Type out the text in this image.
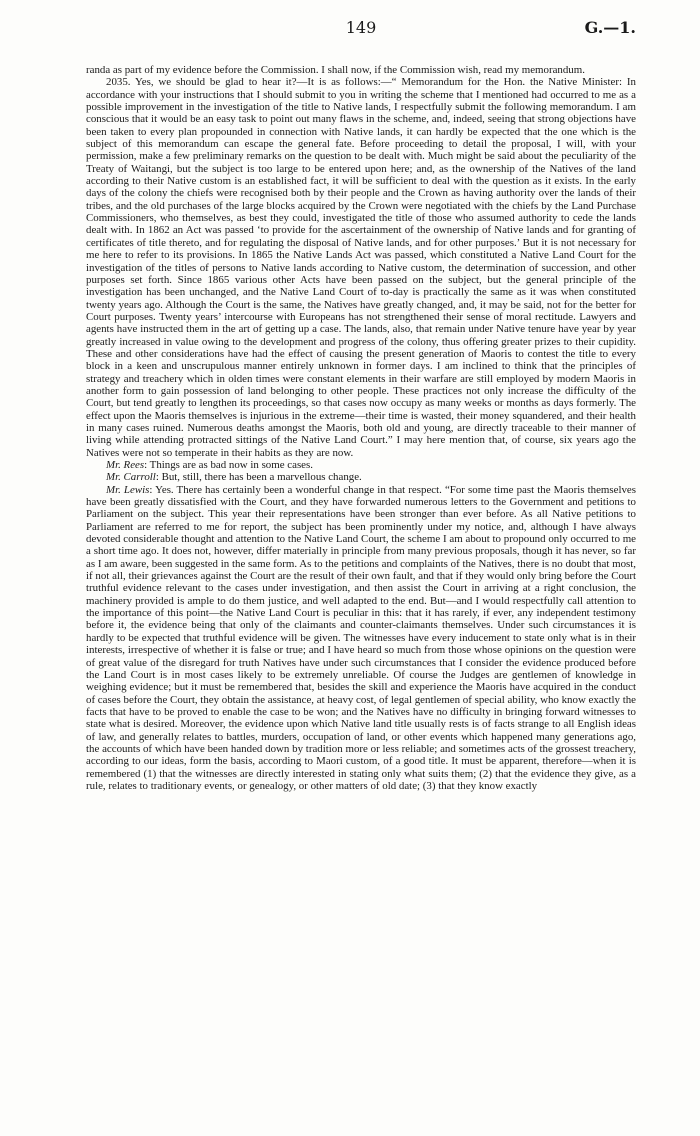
149	G.—1.

randa as part of my evidence before the Commission. I shall now, if the Commission wish, read my memorandum.

2035. Yes, we should be glad to hear it?—It is as follows:—“ Memorandum for the Hon. the Native Minister: In accordance with your instructions that I should submit to you in writing the scheme that I mentioned had occurred to me as a possible improvement in the investigation of the title to Native lands, I respectfully submit the following memorandum. I am conscious that it would be an easy task to point out many flaws in the scheme, and, indeed, seeing that strong objections have been taken to every plan propounded in connection with Native lands, it can hardly be expected that the one which is the subject of this memorandum can escape the general fate. Before proceeding to detail the proposal, I will, with your permission, make a few preliminary remarks on the question to be dealt with. Much might be said about the peculiarity of the Treaty of Waitangi, but the subject is too large to be entered upon here; and, as the ownership of the Natives of the land according to their Native custom is an established fact, it will be sufficient to deal with the question as it exists. In the early days of the colony the chiefs were recognised both by their people and the Crown as having authority over the lands of their tribes, and the old purchases of the large blocks acquired by the Crown were negotiated with the chiefs by the Land Purchase Commissioners, who themselves, as best they could, investigated the title of those who assumed authority to cede the lands dealt with. In 1862 an Act was passed ‘to provide for the ascertainment of the ownership of Native lands and for granting of certificates of title thereto, and for regulating the disposal of Native lands, and for other purposes.’ But it is not necessary for me here to refer to its provisions. In 1865 the Native Lands Act was passed, which constituted a Native Land Court for the investigation of the titles of persons to Native lands according to Native custom, the determination of succession, and other purposes set forth. Since 1865 various other Acts have been passed on the subject, but the general principle of the investigation has been unchanged, and the Native Land Court of to-day is practically the same as it was when constituted twenty years ago. Although the Court is the same, the Natives have greatly changed, and, it may be said, not for the better for Court purposes. Twenty years’ intercourse with Europeans has not strengthened their sense of moral rectitude. Lawyers and agents have instructed them in the art of getting up a case. The lands, also, that remain under Native tenure have year by year greatly increased in value owing to the development and progress of the colony, thus offering greater prizes to their cupidity. These and other considerations have had the effect of causing the present generation of Maoris to contest the title to every block in a keen and unscrupulous manner entirely unknown in former days. I am inclined to think that the principles of strategy and treachery which in olden times were constant elements in their warfare are still employed by modern Maoris in another form to gain possession of land belonging to other people. These practices not only increase the difficulty of the Court, but tend greatly to lengthen its proceedings, so that cases now occupy as many weeks or months as days formerly. The effect upon the Maoris themselves is injurious in the extreme—their time is wasted, their money squandered, and their health in many cases ruined. Numerous deaths amongst the Maoris, both old and young, are directly traceable to their manner of living while attending protracted sittings of the Native Land Court.” I may here mention that, of course, six years ago the Natives were not so temperate in their habits as they are now.

Mr. Rees: Things are as bad now in some cases.

Mr. Carroll: But, still, there has been a marvellous change.

Mr. Lewis: Yes. There has certainly been a wonderful change in that respect. “For some time past the Maoris themselves have been greatly dissatisfied with the Court, and they have forwarded numerous letters to the Government and petitions to Parliament on the subject. This year their representations have been stronger than ever before. As all Native petitions to Parliament are referred to me for report, the subject has been prominently under my notice, and, although I have always devoted considerable thought and attention to the Native Land Court, the scheme I am about to propound only occurred to me a short time ago. It does not, however, differ materially in principle from many previous proposals, though it has never, so far as I am aware, been suggested in the same form. As to the petitions and complaints of the Natives, there is no doubt that most, if not all, their grievances against the Court are the result of their own fault, and that if they would only bring before the Court truthful evidence relevant to the cases under investigation, and then assist the Court in arriving at a right conclusion, the machinery provided is ample to do them justice, and well adapted to the end. But—and I would respectfully call attention to the importance of this point—the Native Land Court is peculiar in this: that it has rarely, if ever, any independent testimony before it, the evidence being that only of the claimants and counter-claimants themselves. Under such circumstances it is hardly to be expected that truthful evidence will be given. The witnesses have every inducement to state only what is in their interests, irrespective of whether it is false or true; and I have heard so much from those whose opinions on the question were of great value of the disregard for truth Natives have under such circumstances that I consider the evidence produced before the Land Court is in most cases likely to be extremely unreliable. Of course the Judges are gentlemen of knowledge in weighing evidence; but it must be remembered that, besides the skill and experience the Maoris have acquired in the conduct of cases before the Court, they obtain the assistance, at heavy cost, of legal gentlemen of special ability, who know exactly the facts that have to be proved to enable the case to be won; and the Natives have no difficulty in bringing forward witnesses to state what is desired. Moreover, the evidence upon which Native land title usually rests is of facts strange to all English ideas of law, and generally relates to battles, murders, occupation of land, or other events which happened many generations ago, the accounts of which have been handed down by tradition more or less reliable; and sometimes acts of the grossest treachery, according to our ideas, form the basis, according to Maori custom, of a good title. It must be apparent, therefore—when it is remembered (1) that the witnesses are directly interested in stating only what suits them; (2) that the evidence they give, as a rule, relates to traditionary events, or genealogy, or other matters of old date; (3) that they know exactly
